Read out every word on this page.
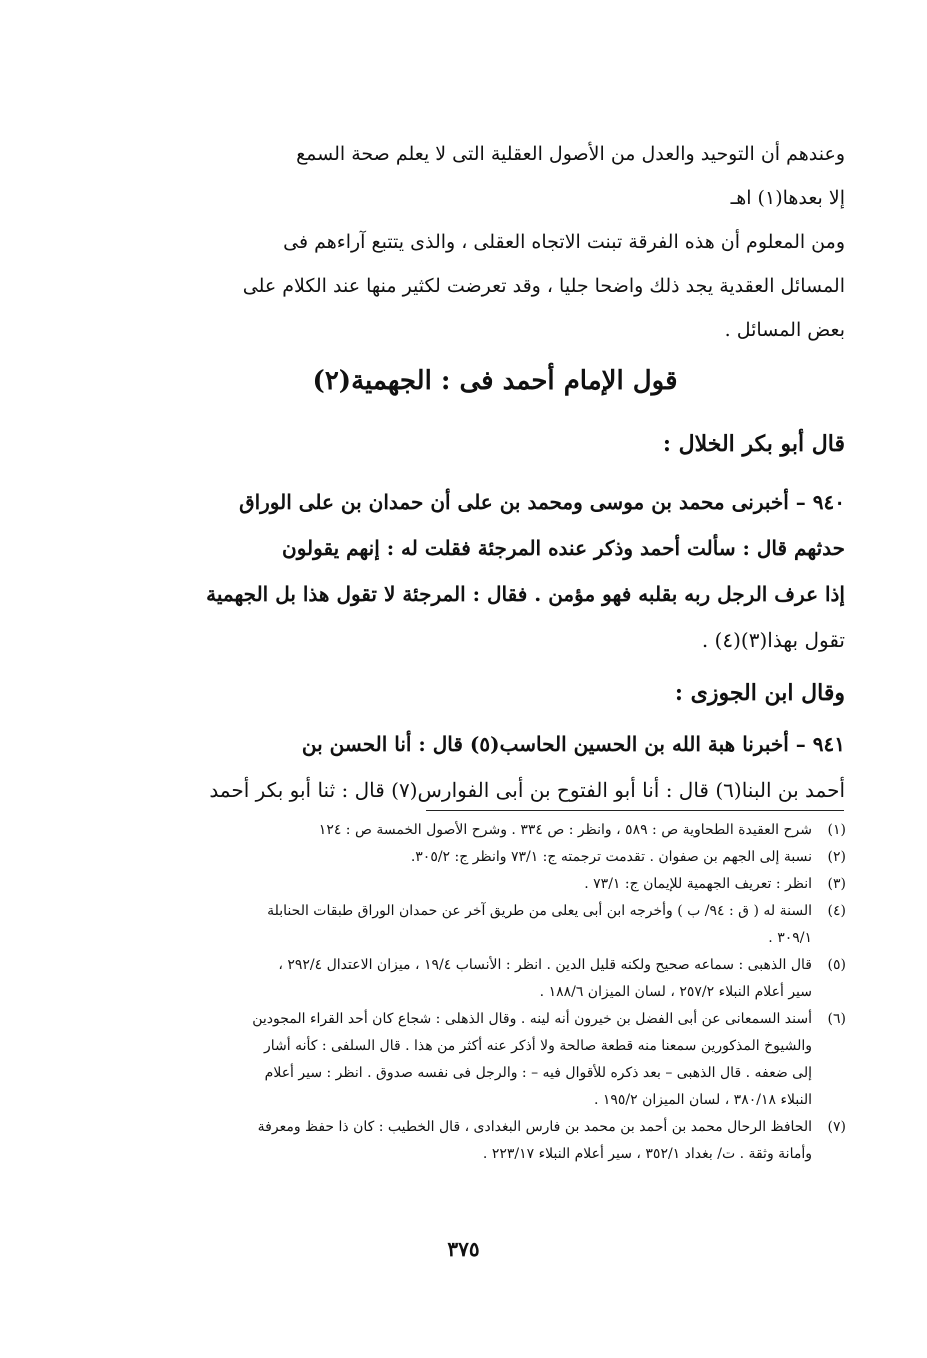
وعندهم أن التوحيد والعدل من الأصول العقلية التى لا يعلم صحة السمع
إلا بعدها(١) اهـ
ومن المعلوم أن هذه الفرقة تبنت الاتجاه العقلى ، والذى يتتبع آراءهم فى
المسائل العقدية يجد ذلك واضحا جليا ، وقد تعرضت لكثير منها عند الكلام على
بعض المسائل .
قول الإمام أحمد فى : الجهمية(٢)
قال أبو بكر الخلال :
٩٤٠ – أخبرنى محمد بن موسى ومحمد بن على أن حمدان بن على الوراق
حدثهم قال : سألت أحمد وذكر عنده المرجئة فقلت له : إنهم يقولون
إذا عرف الرجل ربه بقلبه فهو مؤمن . فقال : المرجئة لا تقول هذا بل الجهمية
تقول بهذا(٣)(٤) .
وقال ابن الجوزى :
٩٤١ – أخبرنا هبة الله بن الحسين الحاسب(٥) قال : أنا الحسن بن
أحمد بن البنا(٦) قال : أنا أبو الفتوح بن أبى الفوارس(٧) قال : ثنا أبو بكر أحمد
(١)
شرح العقيدة الطحاوية ص : ٥٨٩ ، وانظر : ص ٣٣٤ . وشرح الأصول الخمسة ص : ١٢٤
(٢)
نسبة إلى الجهم بن صفوان . تقدمت ترجمته ج: ٧٣/١ وانظر ج: ٣٠٥/٢.
(٣)
انظر : تعريف الجهمية للإيمان ج: ٧٣/١ .
(٤)
السنة له ( ق : ٩٤/ ب ) وأخرجه ابن أبى يعلى من طريق آخر عن حمدان الوراق طبقات الحنابلة
٣٠٩/١ .
(٥)
قال الذهبى : سماعه صحيح ولكنه قليل الدين . انظر : الأنساب ١٩/٤ ، ميزان الاعتدال ٢٩٢/٤ ،
سير أعلام النبلاء ٢٥٧/٢ ، لسان الميزان ١٨٨/٦ .
(٦)
أسند السمعانى عن أبى الفضل بن خيرون أنه لينه . وقال الذهلى : شجاع كان أحد القراء المجودين
والشيوخ المذكورين سمعنا منه قطعة صالحة ولا أذكر عنه أكثر من هذا . قال السلفى : كأنه أشار
إلى ضعفه . قال الذهبى – بعد ذكره للأقوال فيه – : والرجل فى نفسه صدوق . انظر : سير أعلام
النبلاء ٣٨٠/١٨ ، لسان الميزان ١٩٥/٢ .
(٧)
الحافظ الرحال محمد بن أحمد بن محمد بن فارس البغدادى ، قال الخطيب : كان ذا حفظ ومعرفة
وأمانة وثقة . ت/ بغداد ٣٥٢/١ ، سير أعلام النبلاء ٢٢٣/١٧ .
٣٧٥
